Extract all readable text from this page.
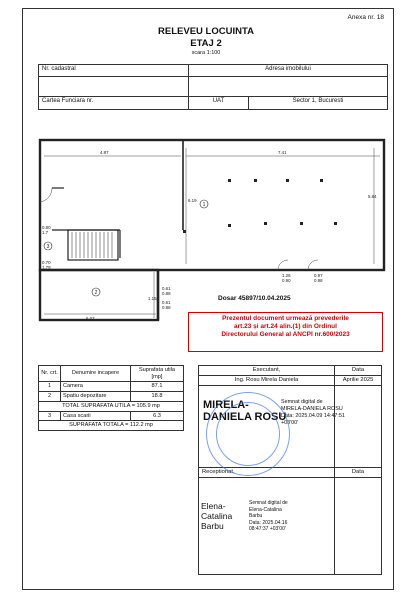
Anexa nr. 18
RELEVEU LOCUINTA
ETAJ 2
scara 1:100
Nr. cadastral	Adresa imobilului
Cartea Funciara nr.	UAT	Sector 1, Bucuresti
4.87	7.41
6.19
5.84
6.07
0.80
1.7
0.70
1.79
0.61
0.88
0.61
0.88
1.26
0.90
0.97
0.98
1.15
1
2
3
Dosar 45897/10.04.2025
Prezentul document urmează prevederile
art.23 și art.24 alin.(1) din Ordinul
Directorului General al ANCPI nr.600/2023
Nr. crt.	Denumire incapere	Suprafata utila [mp]
1	Camera	87.1
2	Spatiu depozitare	18.8
TOTAL SUPRAFATA UTILA = 105.9 mp		
3	Casa scarii	6.3
SUPRAFATA TOTALA = 112.2 mp		
Executant,	Data
Ing. Rosu Mirela Daniela	Aprilie 2025
MIRELA-
DANIELA ROSU
Semnat digital de
MIRELA-DANIELA ROSU
Data: 2025.04.09 14:47:51
+03'00'
Receptionat,	Data
Elena-
Catalina
Barbu
Semnat digital de
Elena-Catalina
Barbu
Data: 2025.04.16
08:47:37 +03'00'
